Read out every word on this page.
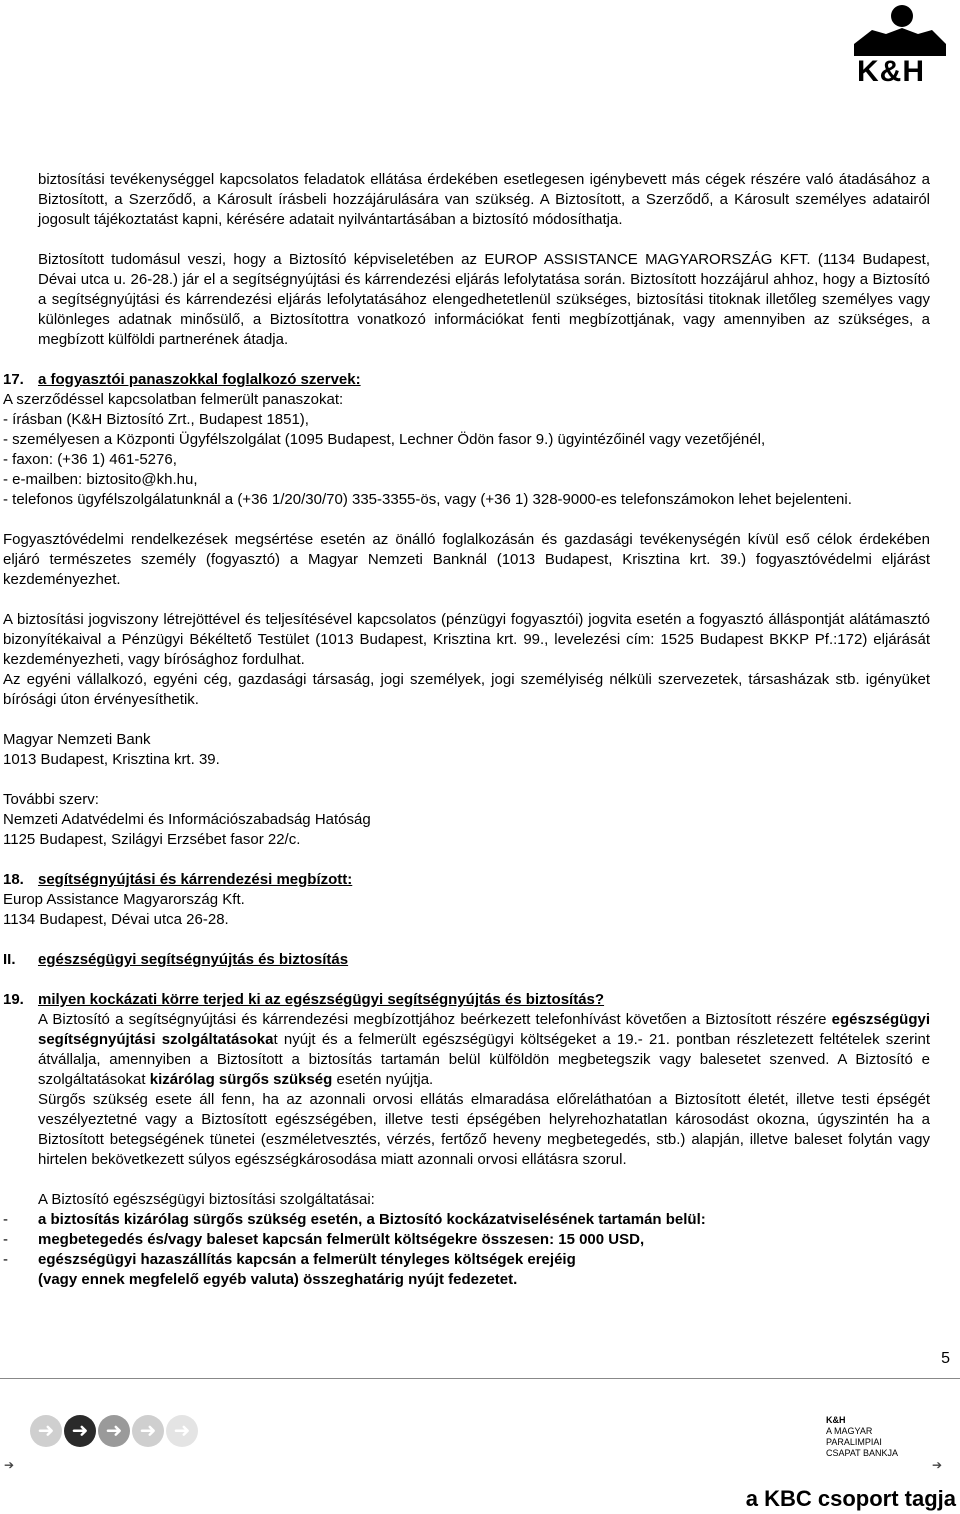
K&H

biztosítási tevékenységgel kapcsolatos feladatok ellátása érdekében esetlegesen igénybevett más cégek részére való átadásához a Biztosított, a Szerződő, a Károsult írásbeli hozzájárulására van szükség. A Biztosított, a Szerződő, a Károsult személyes adatairól jogosult tájékoztatást kapni, kérésére adatait nyilvántartásában a biztosító módosíthatja.

Biztosított tudomásul veszi, hogy a Biztosító képviseletében az EUROP ASSISTANCE MAGYARORSZÁG KFT. (1134 Budapest, Dévai utca u. 26-28.) jár el a segítségnyújtási és kárrendezési eljárás lefolytatása során. Biztosított hozzájárul ahhoz, hogy a Biztosító a segítségnyújtási és kárrendezési eljárás lefolytatásához elengedhetetlenül szükséges, biztosítási titoknak illetőleg személyes vagy különleges adatnak minősülő, a Biztosítottra vonatkozó információkat fenti megbízottjának, vagy amennyiben az szükséges, a megbízott külföldi partnerének átadja.

17. a fogyasztói panaszokkal foglalkozó szervek:

A szerződéssel kapcsolatban felmerült panaszokat:

- írásban (K&H Biztosító Zrt., Budapest 1851),

- személyesen a Központi Ügyfélszolgálat (1095 Budapest, Lechner Ödön fasor 9.) ügyintézőinél vagy vezetőjénél,

- faxon: (+36 1) 461-5276,

- e-mailben: biztosito@kh.hu,

- telefonos ügyfélszolgálatunknál a (+36 1/20/30/70) 335-3355-ös, vagy (+36 1) 328-9000-es telefonszámokon lehet bejelenteni.

Fogyasztóvédelmi rendelkezések megsértése esetén az önálló foglalkozásán és gazdasági tevékenységén kívül eső célok érdekében eljáró természetes személy (fogyasztó) a Magyar Nemzeti Banknál (1013 Budapest, Krisztina krt. 39.) fogyasztóvédelmi eljárást kezdeményezhet.

A biztosítási jogviszony létrejöttével és teljesítésével kapcsolatos (pénzügyi fogyasztói) jogvita esetén a fogyasztó álláspontját alátámasztó bizonyítékaival a Pénzügyi Békéltető Testület (1013 Budapest, Krisztina krt. 99., levelezési cím: 1525 Budapest BKKP Pf.:172) eljárását kezdeményezheti, vagy bírósághoz fordulhat.

Az egyéni vállalkozó, egyéni cég, gazdasági társaság, jogi személyek, jogi személyiség nélküli szervezetek, társasházak stb. igényüket bírósági úton érvényesíthetik.

Magyar Nemzeti Bank

1013 Budapest, Krisztina krt. 39.

További szerv:

Nemzeti Adatvédelmi és Információszabadság Hatóság

1125 Budapest, Szilágyi Erzsébet fasor 22/c.

18. segítségnyújtási és kárrendezési megbízott:

Europ Assistance Magyarország Kft.

1134 Budapest, Dévai utca 26-28.

II.	egészségügyi segítségnyújtás és biztosítás
19. milyen kockázati körre terjed ki az egészségügyi segítségnyújtás és biztosítás?

A Biztosító a segítségnyújtási és kárrendezési megbízottjához beérkezett telefonhívást követően a Biztosított részére egészségügyi segítségnyújtási szolgáltatásokat nyújt és a felmerült egészségügyi költségeket a 19.- 21. pontban részletezett feltételek szerint átvállalja, amennyiben a Biztosított a biztosítás tartamán belül külföldön megbetegszik vagy balesetet szenved. A Biztosító e szolgáltatásokat kizárólag sürgős szükség esetén nyújtja.

Sürgős szükség esete áll fenn, ha az azonnali orvosi ellátás elmaradása előreláthatóan a Biztosított életét, illetve testi épségét veszélyeztetné vagy a Biztosított egészségében, illetve testi épségében helyrehozhatatlan károsodást okozna, úgyszintén ha a Biztosított betegségének tünetei (eszméletvesztés, vérzés, fertőző heveny megbetegedés, stb.) alapján, illetve baleset folytán vagy hirtelen bekövetkezett súlyos egészségkárosodása miatt azonnali orvosi ellátásra szorul.

A Biztosító egészségügyi biztosítási szolgáltatásai:

-	a biztosítás kizárólag sürgős szükség esetén, a Biztosító kockázatviselésének tartamán belül:
-	megbetegedés és/vagy baleset kapcsán felmerült költségekre összesen: 15 000 USD,
-	egészségügyi hazaszállítás kapcsán a felmerült tényleges költségek erejéig
(vagy ennek megfelelő egyéb valuta) összeghatárig nyújt fedezetet.
5
➜ ➜ ➜ ➜ ➜
➔	➔
K&H
A MAGYAR
PARALIMPIAI
CSAPAT BANKJA
a KBC csoport tagja
